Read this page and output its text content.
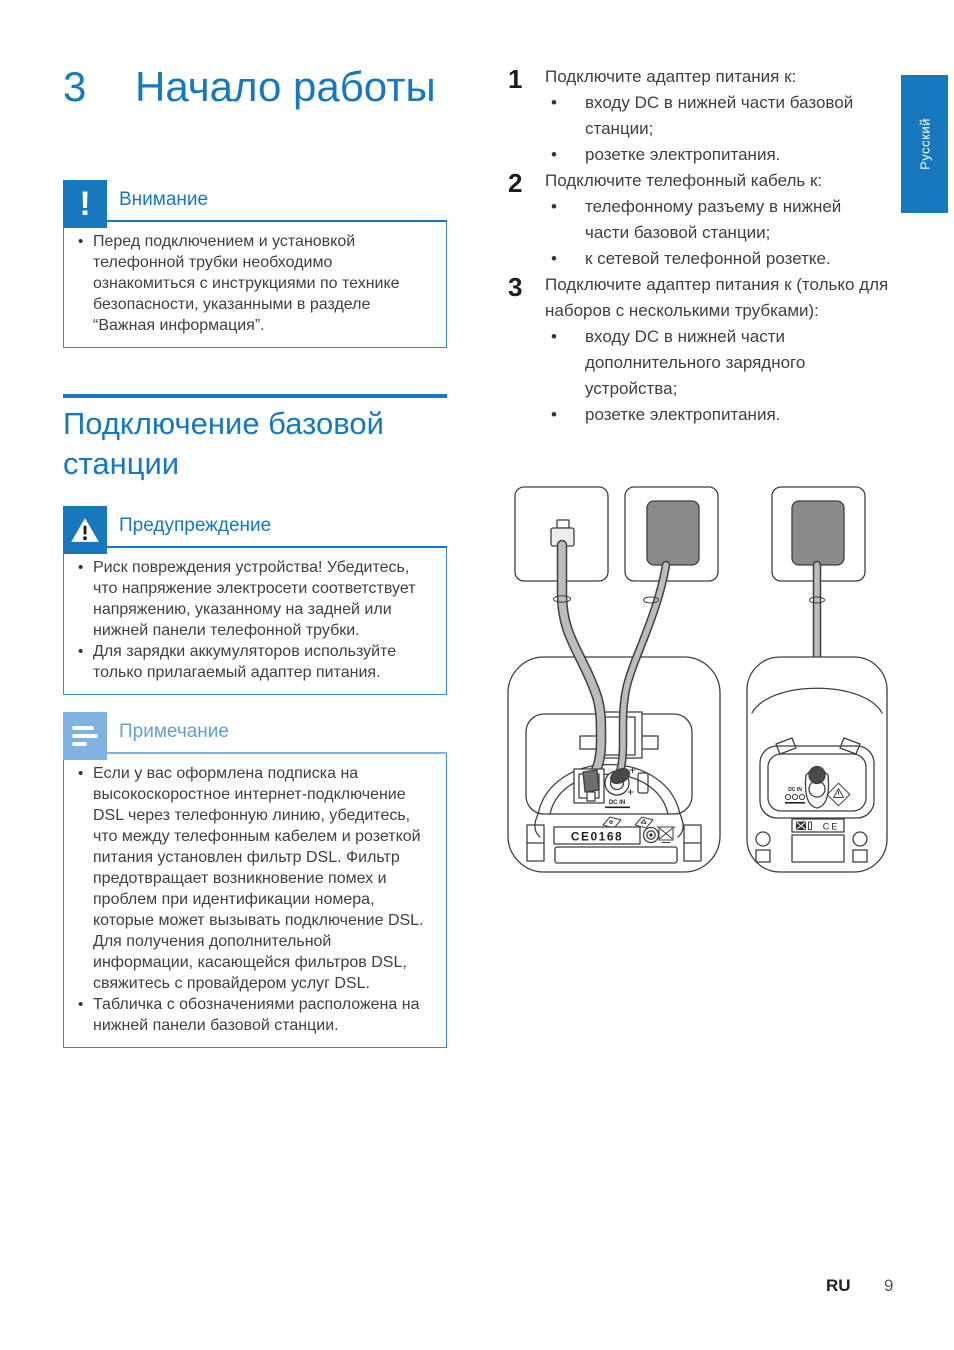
3	Начало работы
! Внимание
• Перед подключением и установкой телефонной трубки необходимо ознакомиться с инструкциями по технике безопасности, указанными в разделе “Важная информация”.
Подключение базовой станции
Предупреждение
• Риск повреждения устройства! Убедитесь, что напряжение электросети соответствует напряжению, указанному на задней или нижней панели телефонной трубки.
• Для зарядки аккумуляторов используйте только прилагаемый адаптер питания.
Примечание
• Если у вас оформлена подписка на высокоскоростное интернет-подключение DSL через телефонную линию, убедитесь, что между телефонным кабелем и розеткой питания установлен фильтр DSL. Фильтр предотвращает возникновение помех и проблем при идентификации номера, которые может вызывать подключение DSL. Для получения дополнительной информации, касающейся фильтров DSL, свяжитесь с провайдером услуг DSL.
• Табличка с обозначениями расположена на нижней панели базовой станции.
1	Подключите адаптер питания к:
• входу DC в нижней части базовой станции;
• розетке электропитания.
2	Подключите телефонный кабель к:
• телефонному разъему в нижней части базовой станции;
• к сетевой телефонной розетке.
3	Подключите адаптер питания к (только для наборов с несколькими трубками):
• входу DC в нижней части дополнительного зарядного устройства;
• розетке электропитания.
DC IN
CE0168
DC IN
CE
Русский
RU 9
